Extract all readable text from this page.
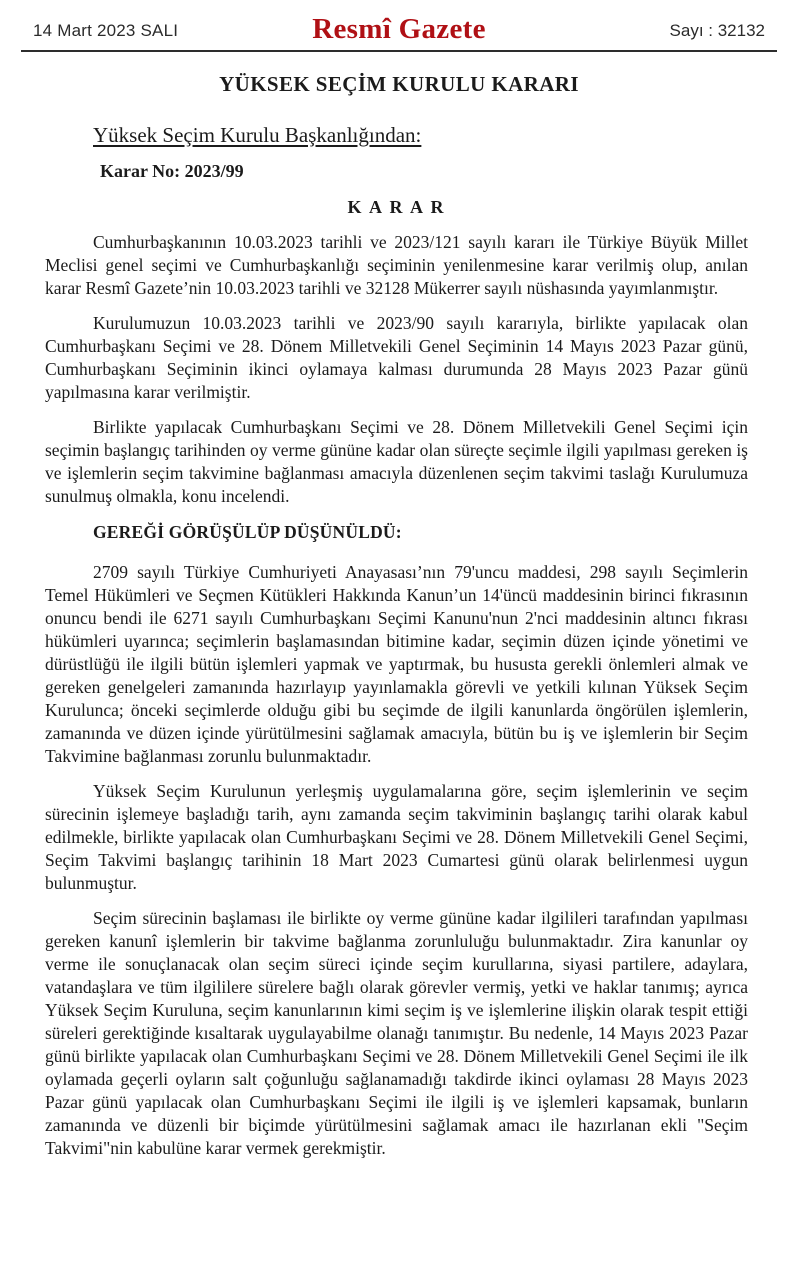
14 Mart 2023 SALI	Resmî Gazete	Sayı : 32132
YÜKSEK SEÇİM KURULU KARARI
Yüksek Seçim Kurulu Başkanlığından:
Karar No: 2023/99
K A R A R

Cumhurbaşkanının 10.03.2023 tarihli ve 2023/121 sayılı kararı ile Türkiye Büyük Millet Meclisi genel seçimi ve Cumhurbaşkanlığı seçiminin yenilenmesine karar verilmiş olup, anılan karar Resmî Gazete’nin 10.03.2023 tarihli ve 32128 Mükerrer sayılı nüshasında yayımlanmıştır.

Kurulumuzun 10.03.2023 tarihli ve 2023/90 sayılı kararıyla, birlikte yapılacak olan Cumhurbaşkanı Seçimi ve 28. Dönem Milletvekili Genel Seçiminin 14 Mayıs 2023 Pazar günü, Cumhurbaşkanı Seçiminin ikinci oylamaya kalması durumunda 28 Mayıs 2023 Pazar günü yapılmasına karar verilmiştir.

Birlikte yapılacak Cumhurbaşkanı Seçimi ve 28. Dönem Milletvekili Genel Seçimi için seçimin başlangıç tarihinden oy verme gününe kadar olan süreçte seçimle ilgili yapılması gereken iş ve işlemlerin seçim takvimine bağlanması amacıyla düzenlenen seçim takvimi taslağı Kurulumuza sunulmuş olmakla, konu incelendi.

GEREĞİ GÖRÜŞÜLÜP DÜŞÜNÜLDÜ:

2709 sayılı Türkiye Cumhuriyeti Anayasası’nın 79'uncu maddesi, 298 sayılı Seçimlerin Temel Hükümleri ve Seçmen Kütükleri Hakkında Kanun’un 14'üncü maddesinin birinci fıkrasının onuncu bendi ile 6271 sayılı Cumhurbaşkanı Seçimi Kanunu'nun 2'nci maddesinin altıncı fıkrası hükümleri uyarınca; seçimlerin başlamasından bitimine kadar, seçimin düzen içinde yönetimi ve dürüstlüğü ile ilgili bütün işlemleri yapmak ve yaptırmak, bu hususta gerekli önlemleri almak ve gereken genelgeleri zamanında hazırlayıp yayınlamakla görevli ve yetkili kılınan Yüksek Seçim Kurulunca; önceki seçimlerde olduğu gibi bu seçimde de ilgili kanunlarda öngörülen işlemlerin, zamanında ve düzen içinde yürütülmesini sağlamak amacıyla, bütün bu iş ve işlemlerin bir Seçim Takvimine bağlanması zorunlu bulunmaktadır.

Yüksek Seçim Kurulunun yerleşmiş uygulamalarına göre, seçim işlemlerinin ve seçim sürecinin işlemeye başladığı tarih, aynı zamanda seçim takviminin başlangıç tarihi olarak kabul edilmekle, birlikte yapılacak olan Cumhurbaşkanı Seçimi ve 28. Dönem Milletvekili Genel Seçimi, Seçim Takvimi başlangıç tarihinin 18 Mart 2023 Cumartesi günü olarak belirlenmesi uygun bulunmuştur.

Seçim sürecinin başlaması ile birlikte oy verme gününe kadar ilgilileri tarafından yapılması gereken kanunî işlemlerin bir takvime bağlanma zorunluluğu bulunmaktadır. Zira kanunlar oy verme ile sonuçlanacak olan seçim süreci içinde seçim kurullarına, siyasi partilere, adaylara, vatandaşlara ve tüm ilgililere sürelere bağlı olarak görevler vermiş, yetki ve haklar tanımış; ayrıca Yüksek Seçim Kuruluna, seçim kanunlarının kimi seçim iş ve işlemlerine ilişkin olarak tespit ettiği süreleri gerektiğinde kısaltarak uygulayabilme olanağı tanımıştır. Bu nedenle, 14 Mayıs 2023 Pazar günü birlikte yapılacak olan Cumhurbaşkanı Seçimi ve 28. Dönem Milletvekili Genel Seçimi ile ilk oylamada geçerli oyların salt çoğunluğu sağlanamadığı takdirde ikinci oylaması 28 Mayıs 2023 Pazar günü yapılacak olan Cumhurbaşkanı Seçimi ile ilgili iş ve işlemleri kapsamak, bunların zamanında ve düzenli bir biçimde yürütülmesini sağlamak amacı ile hazırlanan ekli "Seçim Takvimi"nin kabulüne karar vermek gerekmiştir.
